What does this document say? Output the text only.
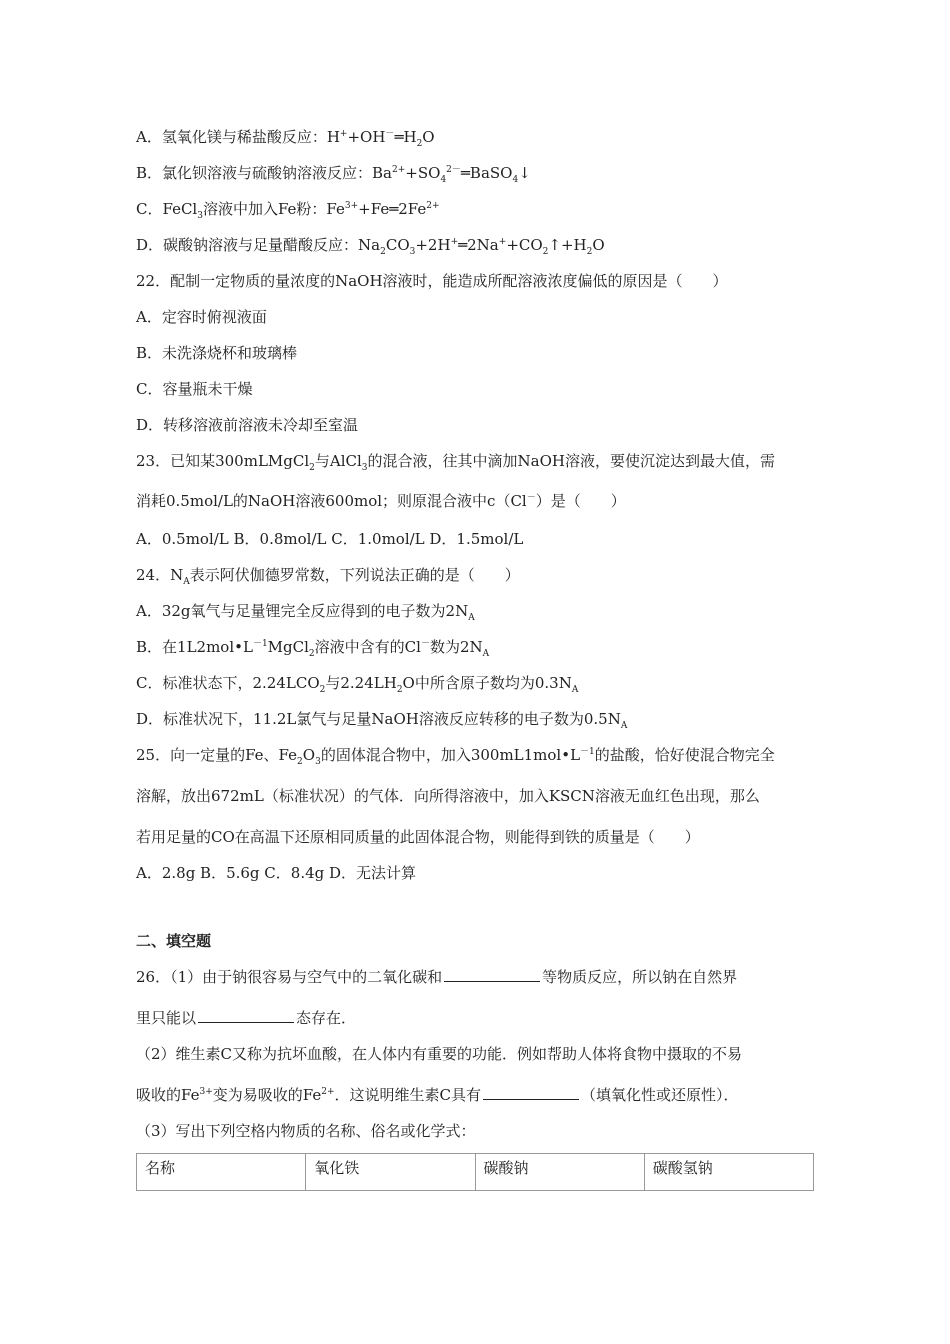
A．氢氧化镁与稀盐酸反应：$H^++OH^-═H_2O$
B．氯化钡溶液与硫酸钠溶液反应：$Ba^{2+}+SO_4^{2-}═BaSO_4↓$
C．FeCl$_3$溶液中加入Fe粉：$Fe^{3+}+Fe═2Fe^{2+}$
D．碳酸钠溶液与足量醋酸反应：$Na_2CO_3+2H^+═2Na^++CO_2↑+H_2O$
22．配制一定物质的量浓度的NaOH溶液时，能造成所配溶液浓度偏低的原因是（　　）
A．定容时俯视液面
B．未洗涤烧杯和玻璃棒
C．容量瓶未干燥
D．转移溶液前溶液未冷却至室温
23．已知某300mLMgCl$_2$与AlCl$_3$的混合液，往其中滴加NaOH溶液，要使沉淀达到最大值，需
消耗0.5mol/L的NaOH溶液600mol；则原混合液中c（Cl－）是（　　）
A．0.5mol/L B．0.8mol/L C．1.0mol/L D．1.5mol/L
24．$N_A$表示阿伏伽德罗常数，下列说法正确的是（　　）
A．32g氧气与足量锂完全反应得到的电子数为$2N_A$
B．在$1L2mol•L^{-1}MgCl_2$溶液中含有的Cl－数为$2N_A$
C．标准状态下，$2.24LCO_2$与$2.24LH_2O$中所含原子数均为$0.3N_A$
D．标准状况下，11.2L氯气与足量NaOH溶液反应转移的电子数为$0.5N_A$
25．向一定量的Fe、$Fe_2O_3$的固体混合物中，加入$300mL1mol•L^{-1}$的盐酸，恰好使混合物完全
溶解，放出672mL（标准状况）的气体．向所得溶液中，加入KSCN溶液无血红色出现，那么
若用足量的CO在高温下还原相同质量的此固体混合物，则能得到铁的质量是（　　）
A．2.8g B．5.6g C．8.4g D．无法计算
二、填空题
26．（1）由于钠很容易与空气中的二氧化碳和	等物质反应，所以钠在自然界
里只能以	态存在．
（2）维生素C又称为抗坏血酸，在人体内有重要的功能．例如帮助人体将食物中摄取的不易
吸收的$Fe^{3+}$变为易吸收的$Fe^{2+}$．这说明维生素C具有	（填氧化性或还原性）．
（3）写出下列空格内物质的名称、俗名或化学式：
名称	氧化铁	碳酸钠	碳酸氢钠
